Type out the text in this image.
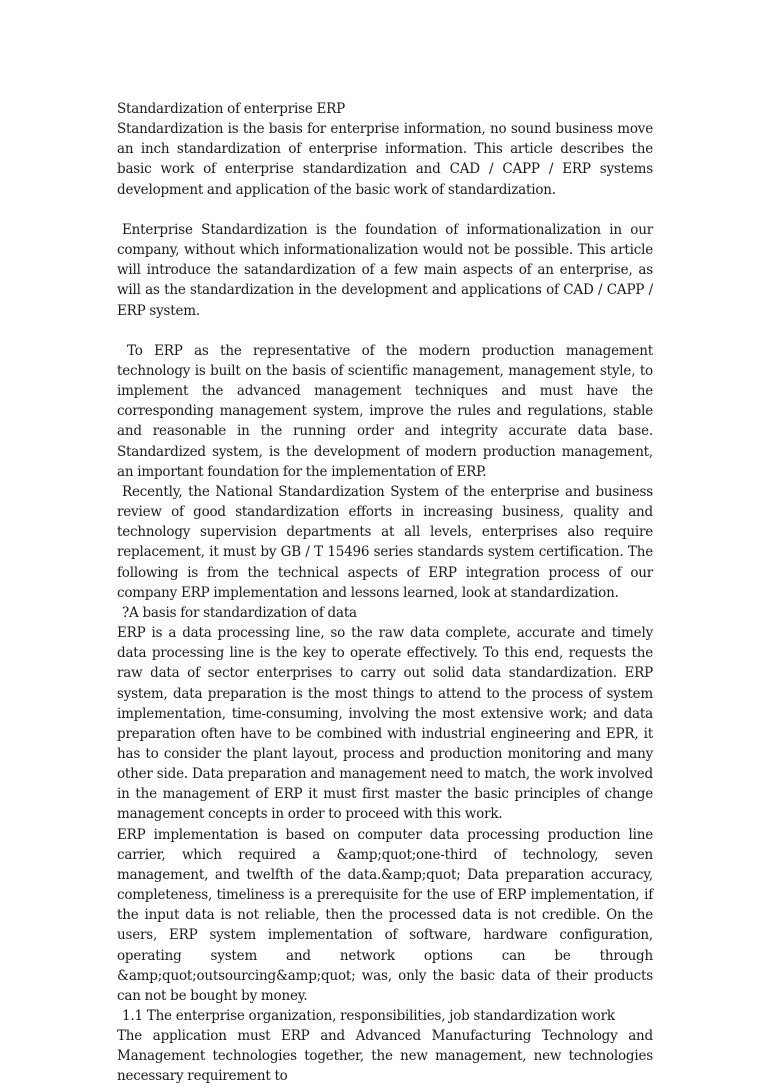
Standardization of enterprise ERP

Standardization is the basis for enterprise information, no sound business move an inch standardization of enterprise information. This article describes the basic work of enterprise standardization and CAD / CAPP / ERP systems development and application of the basic work of standardization.

Enterprise Standardization is the foundation of informationalization in our company, without which informationalization would not be possible. This article will introduce the satandardization of a few main aspects of an enterprise, as will as the standardization in the development and applications of CAD / CAPP / ERP system.

To ERP as the representative of the modern production management technology is built on the basis of scientific management, management style, to implement the advanced management techniques and must have the corresponding management system, improve the rules and regulations, stable and reasonable in the running order and integrity accurate data base. Standardized system, is the development of modern production management, an important foundation for the implementation of ERP.

Recently, the National Standardization System of the enterprise and business review of good standardization efforts in increasing business, quality and technology supervision departments at all levels, enterprises also require replacement, it must by GB / T 15496 series standards system certification. The following is from the technical aspects of ERP integration process of our company ERP implementation and lessons learned, look at standardization.

?A basis for standardization of data

ERP is a data processing line, so the raw data complete, accurate and timely data processing line is the key to operate effectively. To this end, requests the raw data of sector enterprises to carry out solid data standardization. ERP system, data preparation is the most things to attend to the process of system implementation, time-consuming, involving the most extensive work; and data preparation often have to be combined with industrial engineering and EPR, it has to consider the plant layout, process and production monitoring and many other side. Data preparation and management need to match, the work involved in the management of ERP it must first master the basic principles of change management concepts in order to proceed with this work.

ERP implementation is based on computer data processing production line carrier, which required a &amp;quot;one-third of technology, seven management, and twelfth of the data.&amp;quot; Data preparation accuracy, completeness, timeliness is a prerequisite for the use of ERP implementation, if the input data is not reliable, then the processed data is not credible. On the users, ERP system implementation of software, hardware configuration, operating system and network options can be through &amp;quot;outsourcing&amp;quot; was, only the basic data of their products can not be bought by money.

1.1 The enterprise organization, responsibilities, job standardization work

The application must ERP and Advanced Manufacturing Technology and Management technologies together, the new management, new technologies necessary requirement to
